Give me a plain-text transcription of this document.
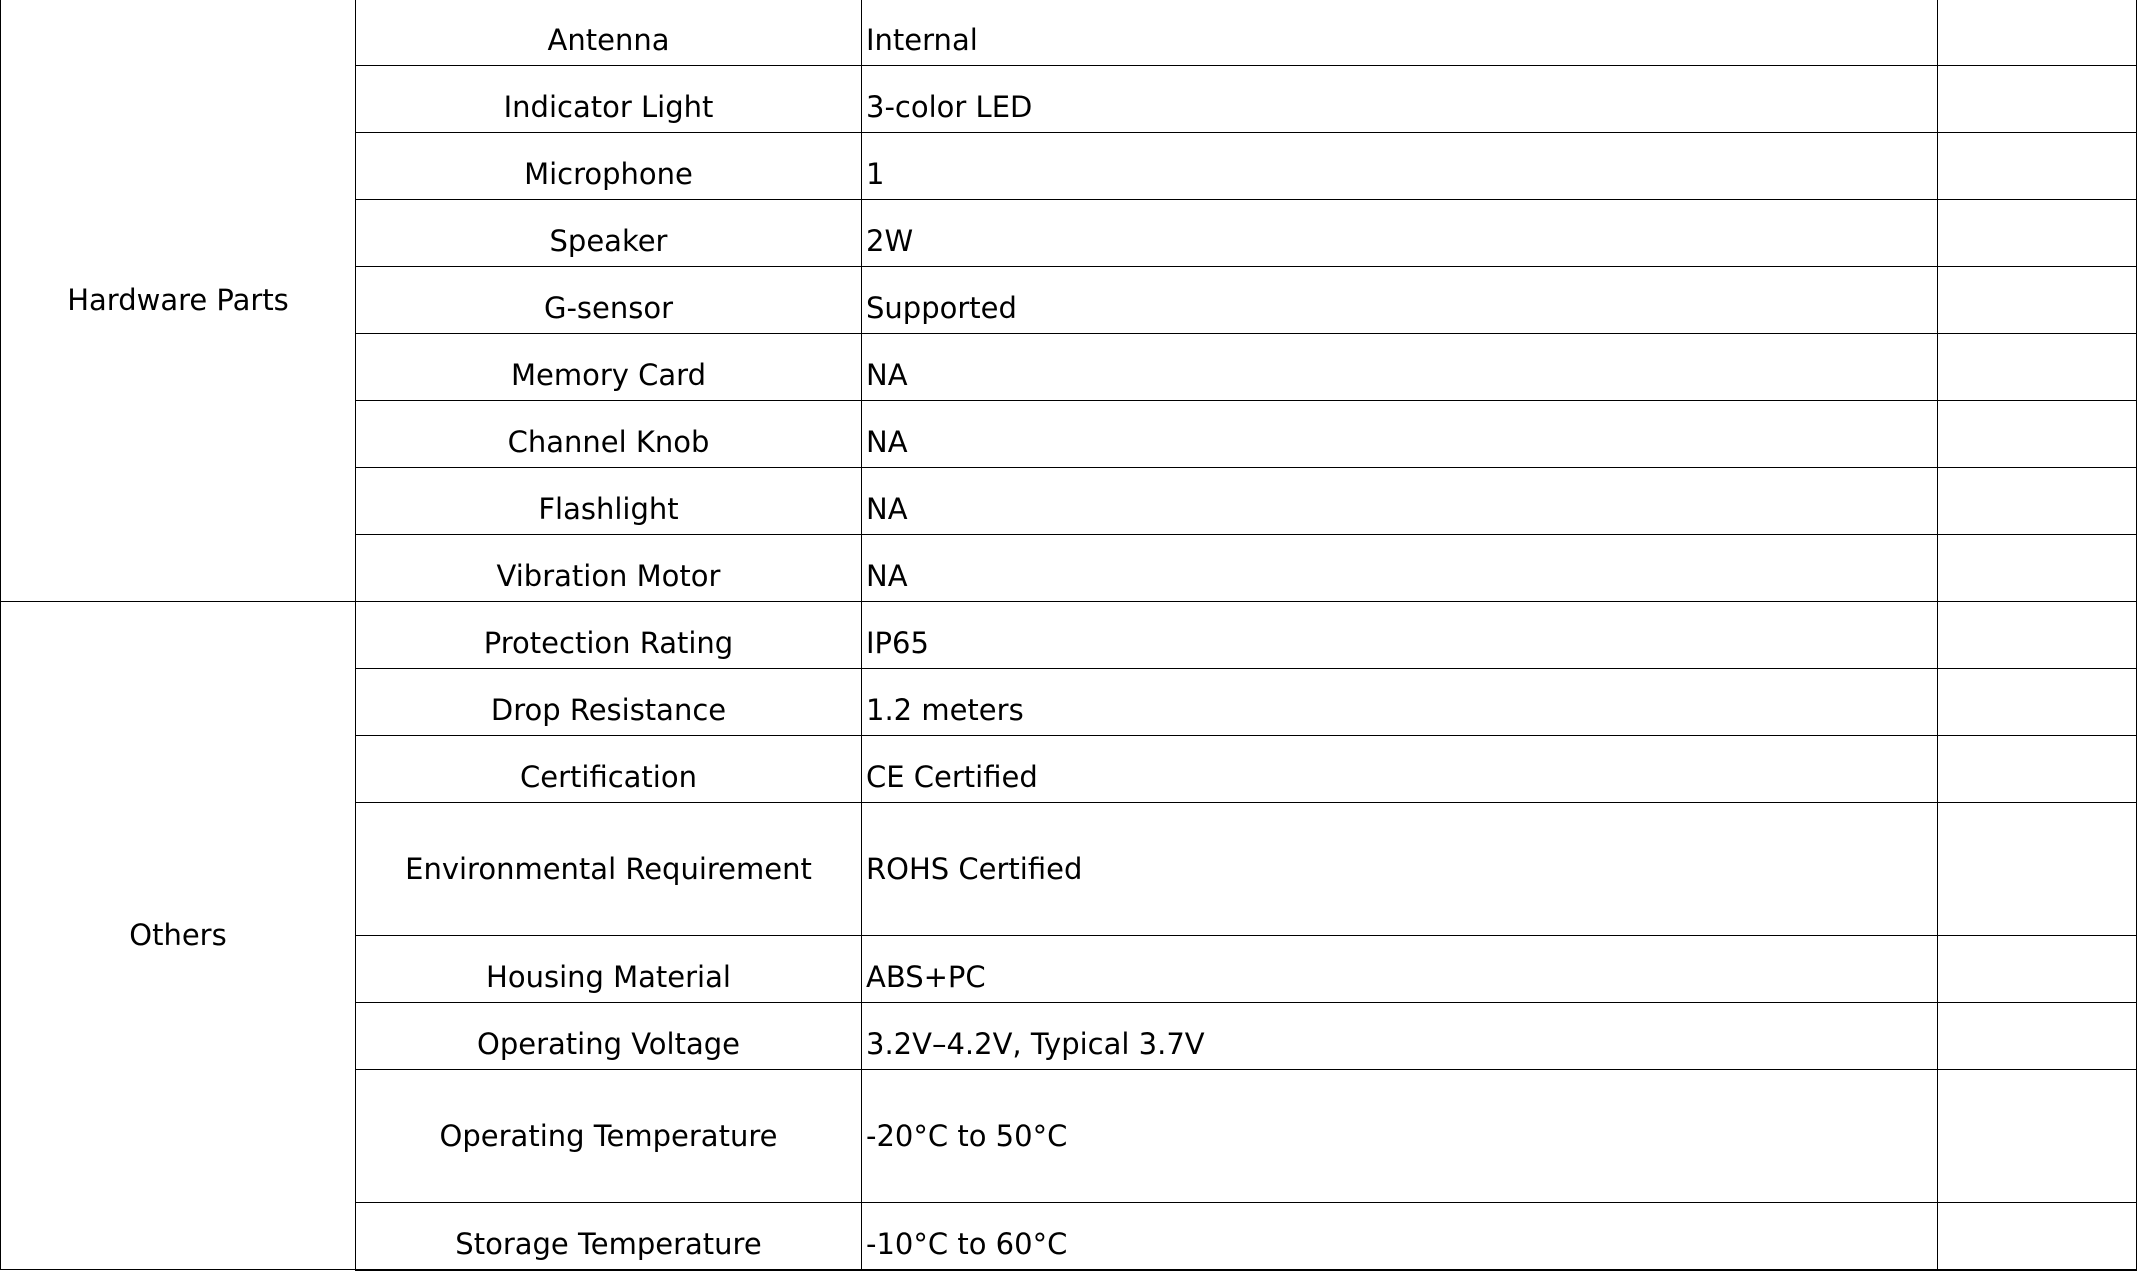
Hardware Parts	Antenna	Internal	
	Indicator Light	3-color LED	
	Microphone	1	
	Speaker	2W	
	G-sensor	Supported	
	Memory Card	NA	
	Channel Knob	NA	
	Flashlight	NA	
	Vibration Motor	NA	
Others	Protection Rating	IP65	
	Drop Resistance	1.2 meters	
	Certification	CE Certified	
	Environmental Requirement	ROHS Certified	
	Housing Material	ABS+PC	
	Operating Voltage	3.2V–4.2V, Typical 3.7V	
	Operating Temperature	-20°C to 50°C	
	Storage Temperature	-10°C to 60°C	
